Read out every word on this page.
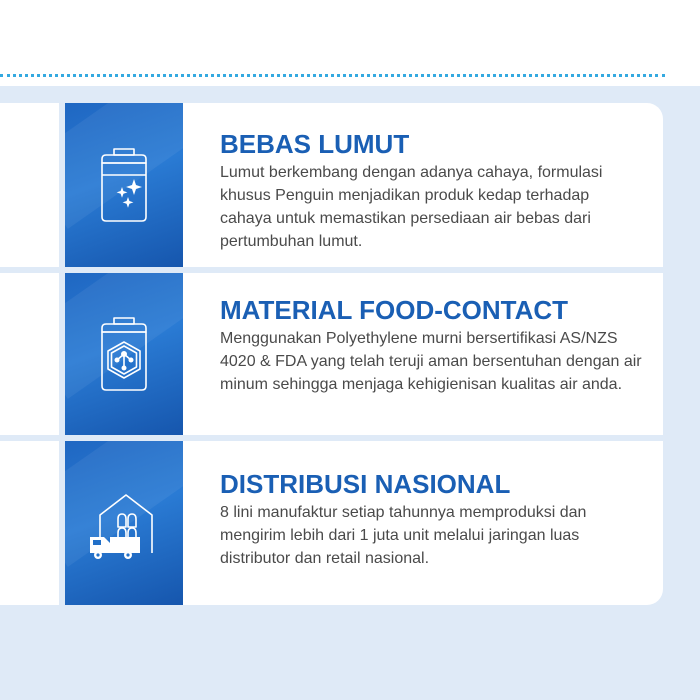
BEBAS LUMUT

Lumut berkembang dengan adanya cahaya, formulasi khusus Penguin menjadikan produk kedap terhadap cahaya untuk memastikan persediaan air bebas dari pertumbuhan lumut.

MATERIAL FOOD-CONTACT

Menggunakan Polyethylene murni bersertifikasi AS/NZS 4020 & FDA yang telah teruji aman bersentuhan dengan air minum sehingga menjaga kehigienisan kualitas air anda.

DISTRIBUSI NASIONAL

8 lini manufaktur setiap tahunnya memproduksi dan mengirim lebih dari 1 juta unit melalui jaringan luas distributor dan retail nasional.
